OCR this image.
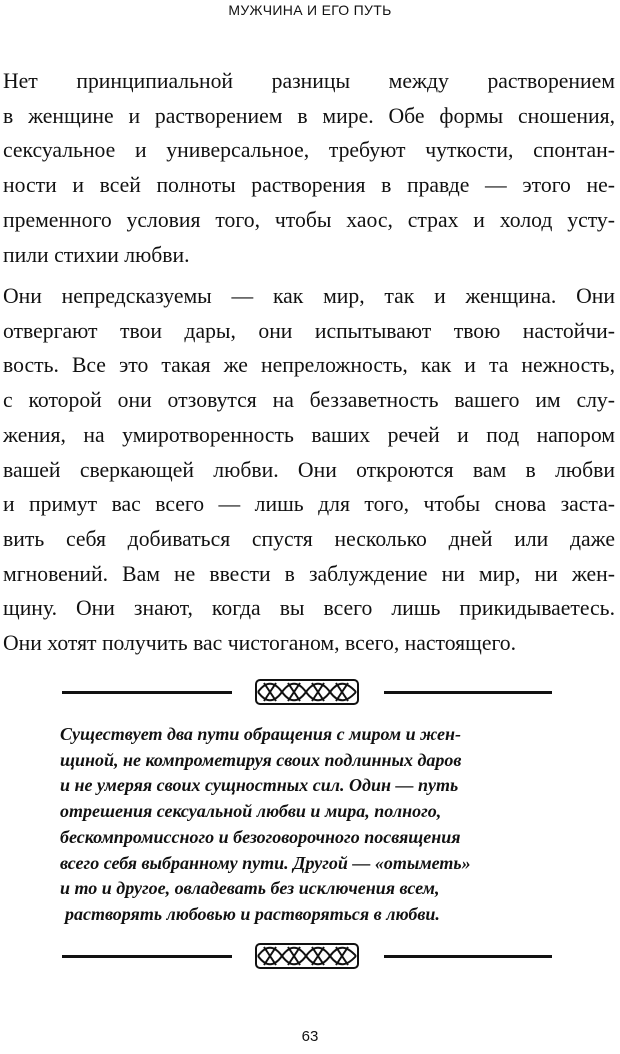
МУЖЧИНА И ЕГО ПУТЬ
Нет принципиальной разницы между растворением
в женщине и растворением в мире. Обе формы сношения,
сексуальное и универсальное, требуют чуткости, спонтан-
ности и всей полноты растворения в правде — этого не-
пременного условия того, чтобы хаос, страх и холод усту-
пили стихии любви.
Они непредсказуемы — как мир, так и женщина. Они
отвергают твои дары, они испытывают твою настойчи-
вость. Все это такая же непреложность, как и та нежность,
с которой они отзовутся на беззаветность вашего им слу-
жения, на умиротворенность ваших речей и под напором
вашей сверкающей любви. Они откроются вам в любви
и примут вас всего — лишь для того, чтобы снова заста-
вить себя добиваться спустя несколько дней или даже
мгновений. Вам не ввести в заблуждение ни мир, ни жен-
щину. Они знают, когда вы всего лишь прикидываетесь.
Они хотят получить вас чистоганом, всего, настоящего.
Существует два пути обращения с миром и жен-
щиной, не компрометируя своих подлинных даров
и не умеряя своих сущностных сил. Один — путь
отрешения сексуальной любви и мира, полного,
бескомпромиссного и безоговорочного посвящения
всего себя выбранному пути. Другой — «отыметь»
и то и другое, овладевать без исключения всем,
растворять любовью и растворяться в любви.
63
